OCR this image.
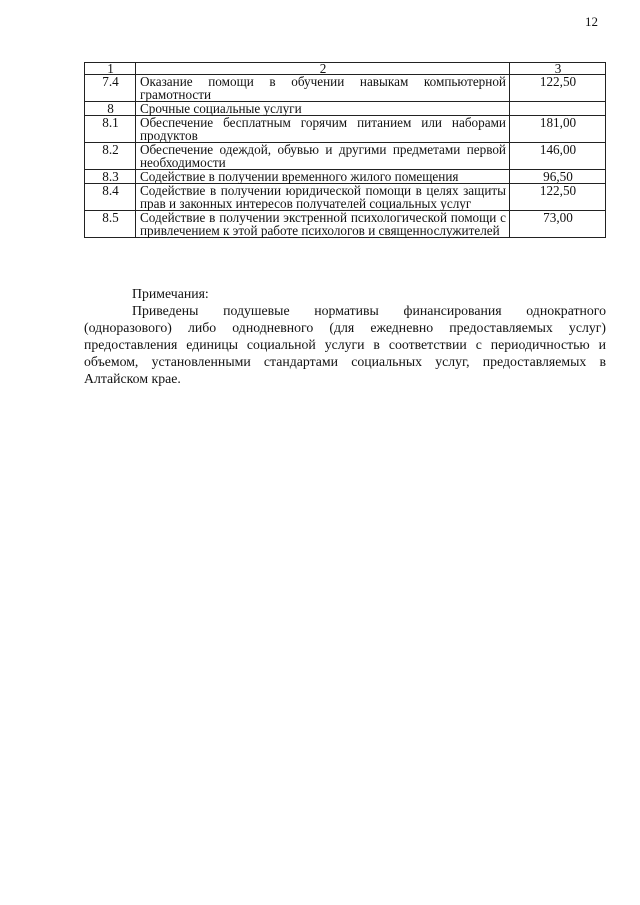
12
1	2	3
7.4	Оказание помощи в обучении навыкам компьютерной грамотности	122,50
8	Срочные социальные услуги	
8.1	Обеспечение бесплатным горячим питанием или наборами продуктов	181,00
8.2	Обеспечение одеждой, обувью и другими предметами первой необходимости	146,00
8.3	Содействие в получении временного жилого помещения	96,50
8.4	Содействие в получении юридической помощи в целях защиты прав и законных интересов получателей социальных услуг	122,50
8.5	Содействие в получении экстренной психологической помощи с привлечением к этой работе психологов и священнослужителей	73,00

Примечания:

Приведены подушевые нормативы финансирования однократного (одноразового) либо однодневного (для ежедневно предоставляемых услуг) предоставления единицы социальной услуги в соответствии с периодичностью и объемом, установленными стандартами социальных услуг, предоставляемых в Алтайском крае.
